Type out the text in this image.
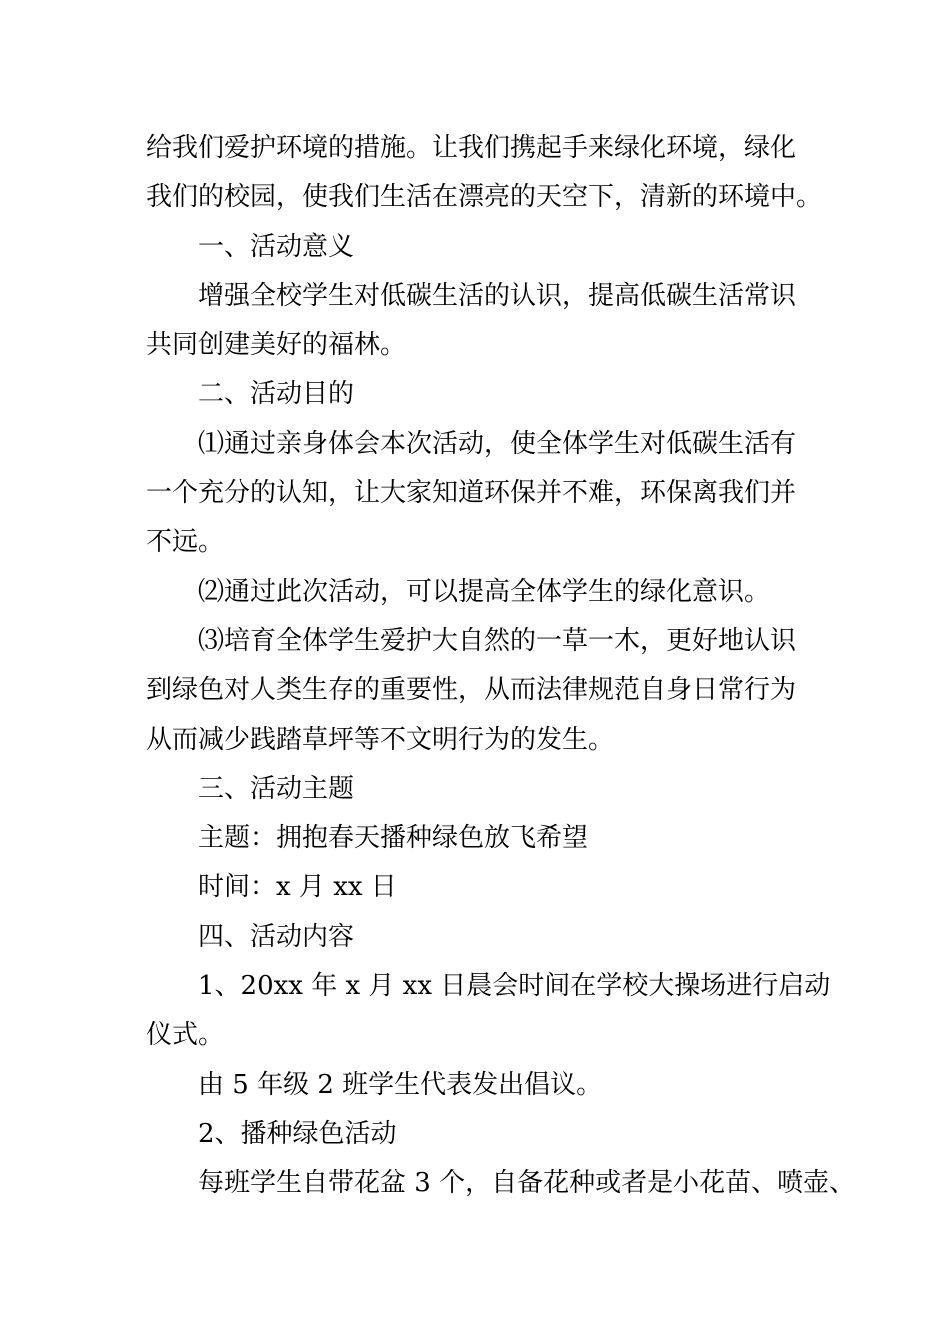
给我们爱护环境的措施。让我们携起手来绿化环境，绿化
我们的校园，使我们生活在漂亮的天空下，清新的环境中。

一、活动意义

增强全校学生对低碳生活的认识，提高低碳生活常识
共同创建美好的福林。

二、活动目的

⑴通过亲身体会本次活动，使全体学生对低碳生活有
一个充分的认知，让大家知道环保并不难，环保离我们并
不远。

⑵通过此次活动，可以提高全体学生的绿化意识。

⑶培育全体学生爱护大自然的一草一木，更好地认识
到绿色对人类生存的重要性，从而法律规范自身日常行为
从而减少践踏草坪等不文明行为的发生。

三、活动主题

主题：拥抱春天播种绿色放飞希望

时间：x 月 xx 日

四、活动内容

1、20xx 年 x 月 xx 日晨会时间在学校大操场进行启动
仪式。

由 5 年级 2 班学生代表发出倡议。

2、播种绿色活动

每班学生自带花盆 3 个，自备花种或者是小花苗、喷壶、
